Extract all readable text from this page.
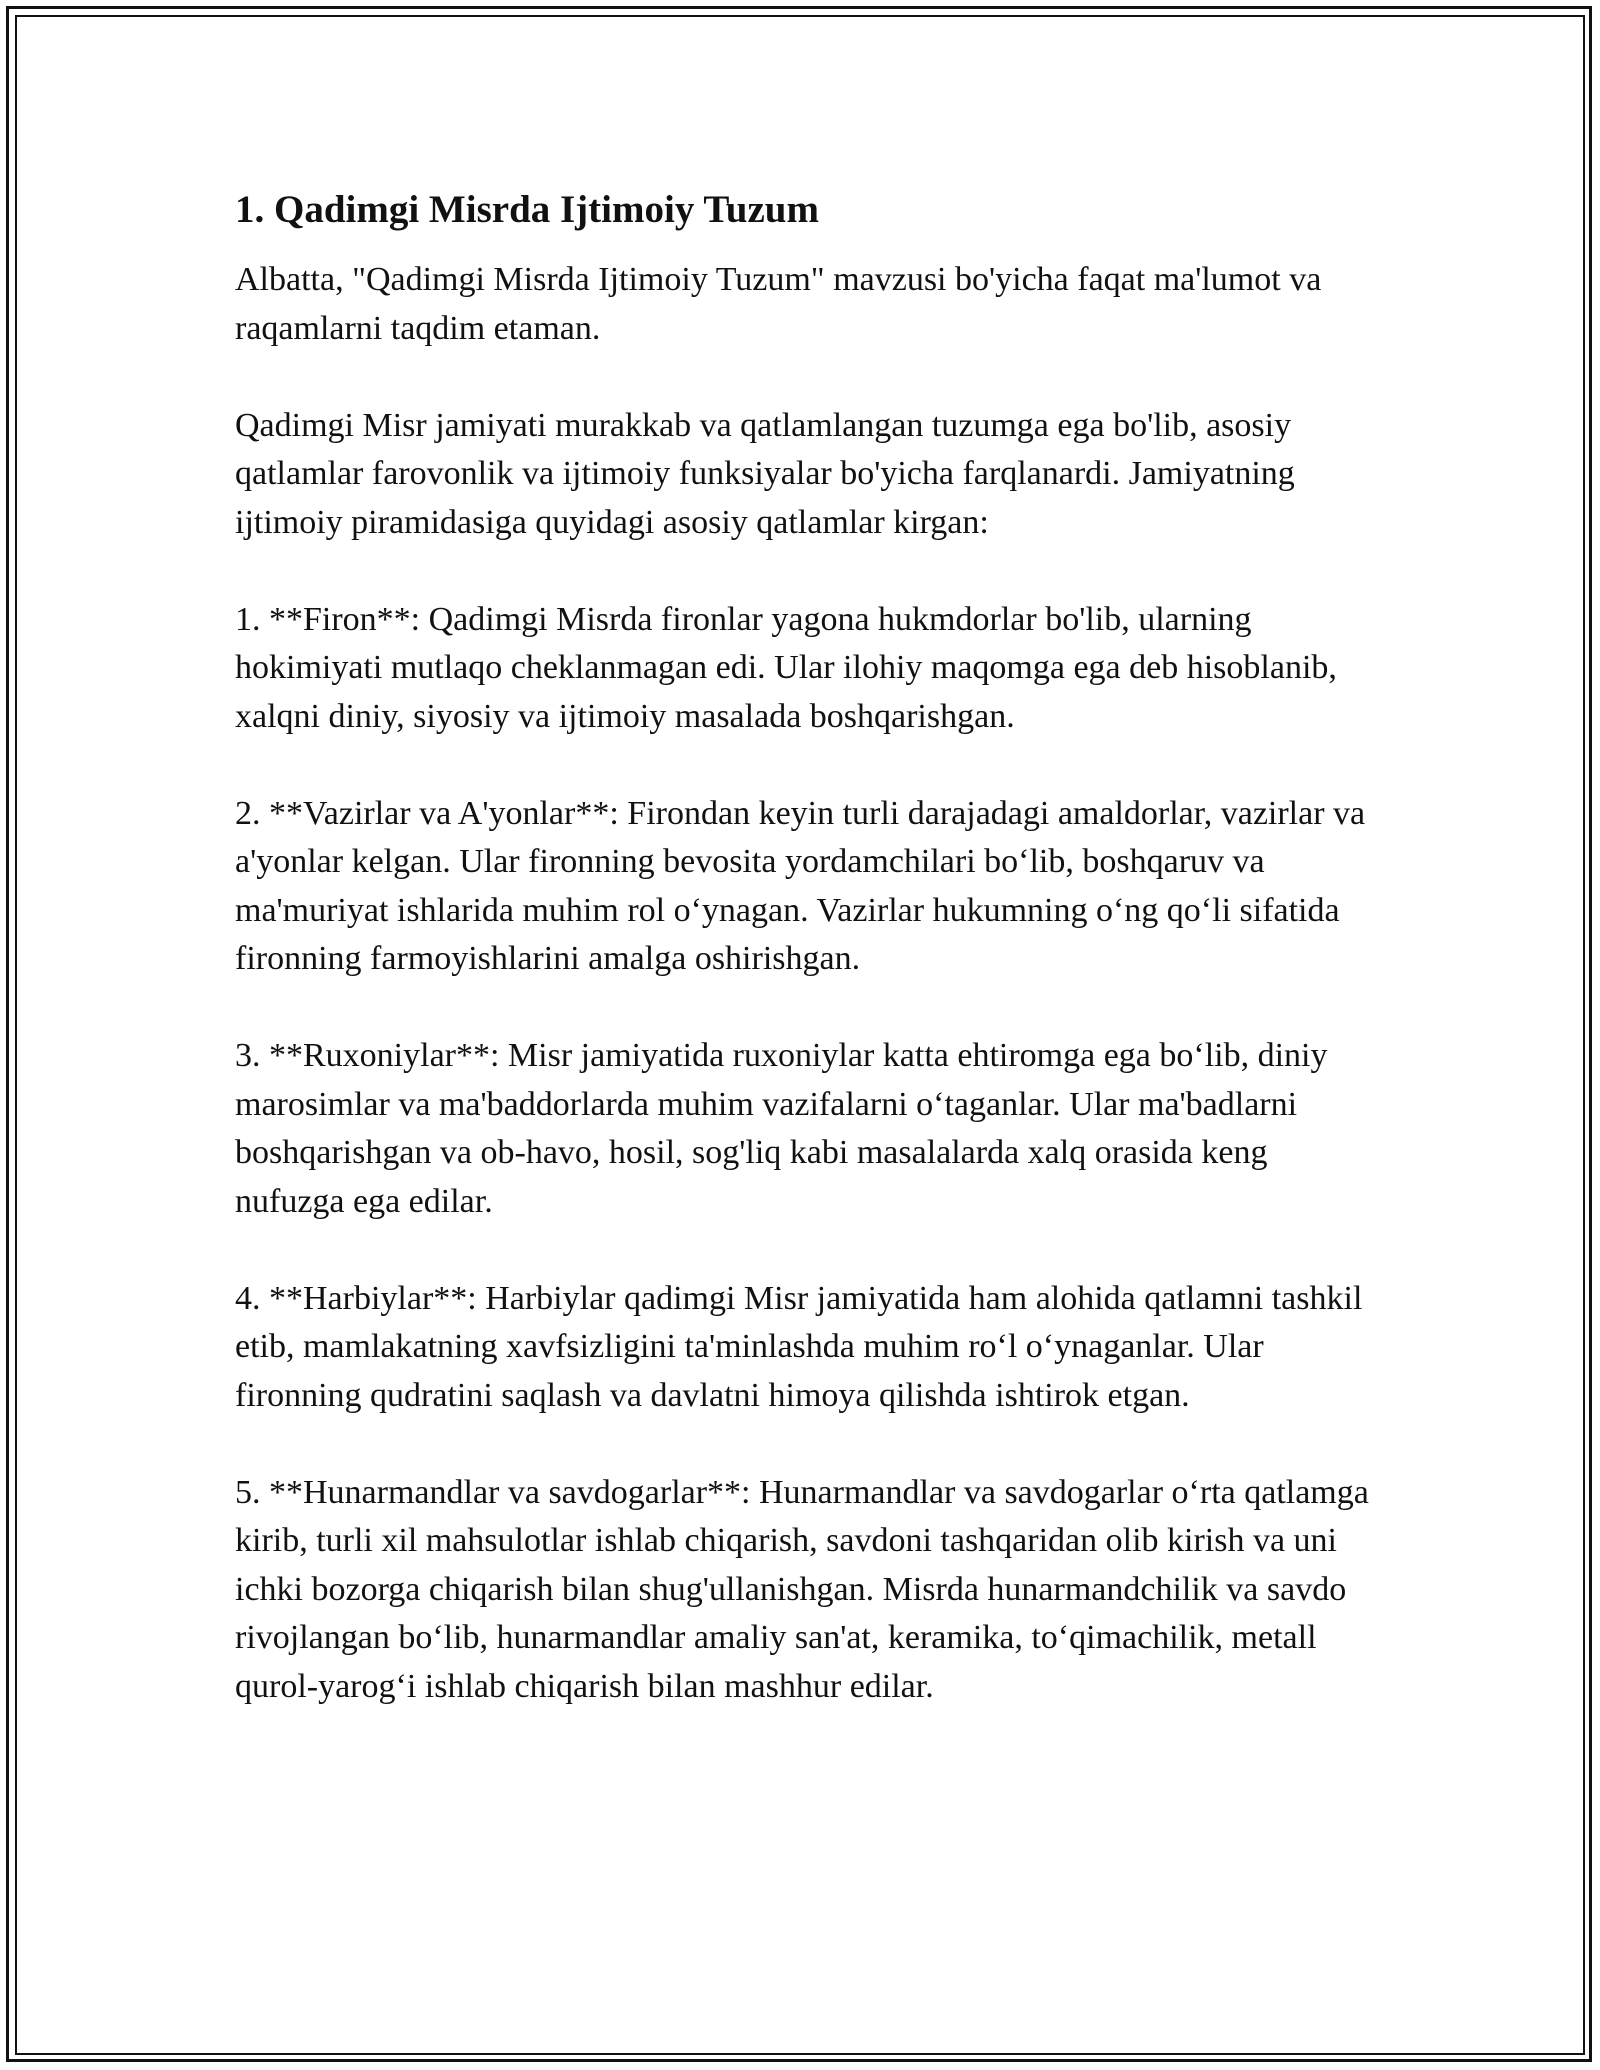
1. Qadimgi Misrda Ijtimoiy Tuzum

Albatta, "Qadimgi Misrda Ijtimoiy Tuzum" mavzusi bo'yicha faqat ma'lumot va raqamlarni taqdim etaman.

Qadimgi Misr jamiyati murakkab va qatlamlangan tuzumga ega bo'lib, asosiy qatlamlar farovonlik va ijtimoiy funksiyalar bo'yicha farqlanardi. Jamiyatning ijtimoiy piramidasiga quyidagi asosiy qatlamlar kirgan:

1. **Firon**: Qadimgi Misrda fironlar yagona hukmdorlar bo'lib, ularning hokimiyati mutlaqo cheklanmagan edi. Ular ilohiy maqomga ega deb hisoblanib, xalqni diniy, siyosiy va ijtimoiy masalada boshqarishgan.

2. **Vazirlar va A'yonlar**: Firondan keyin turli darajadagi amaldorlar, vazirlar va a'yonlar kelgan. Ular fironning bevosita yordamchilari bo‘lib, boshqaruv va ma'muriyat ishlarida muhim rol o‘ynagan. Vazirlar hukumning o‘ng qo‘li sifatida fironning farmoyishlarini amalga oshirishgan.

3. **Ruxoniylar**: Misr jamiyatida ruxoniylar katta ehtiromga ega bo‘lib, diniy marosimlar va ma'baddorlarda muhim vazifalarni o‘taganlar. Ular ma'badlarni boshqarishgan va ob-havo, hosil, sog'liq kabi masalalarda xalq orasida keng nufuzga ega edilar.

4. **Harbiylar**: Harbiylar qadimgi Misr jamiyatida ham alohida qatlamni tashkil etib, mamlakatning xavfsizligini ta'minlashda muhim ro‘l o‘ynaganlar. Ular fironning qudratini saqlash va davlatni himoya qilishda ishtirok etgan.

5. **Hunarmandlar va savdogarlar**: Hunarmandlar va savdogarlar o‘rta qatlamga kirib, turli xil mahsulotlar ishlab chiqarish, savdoni tashqaridan olib kirish va uni ichki bozorga chiqarish bilan shug'ullanishgan. Misrda hunarmandchilik va savdo rivojlangan bo‘lib, hunarmandlar amaliy san'at, keramika, to‘qimachilik, metall qurol-yarog‘i ishlab chiqarish bilan mashhur edilar.
